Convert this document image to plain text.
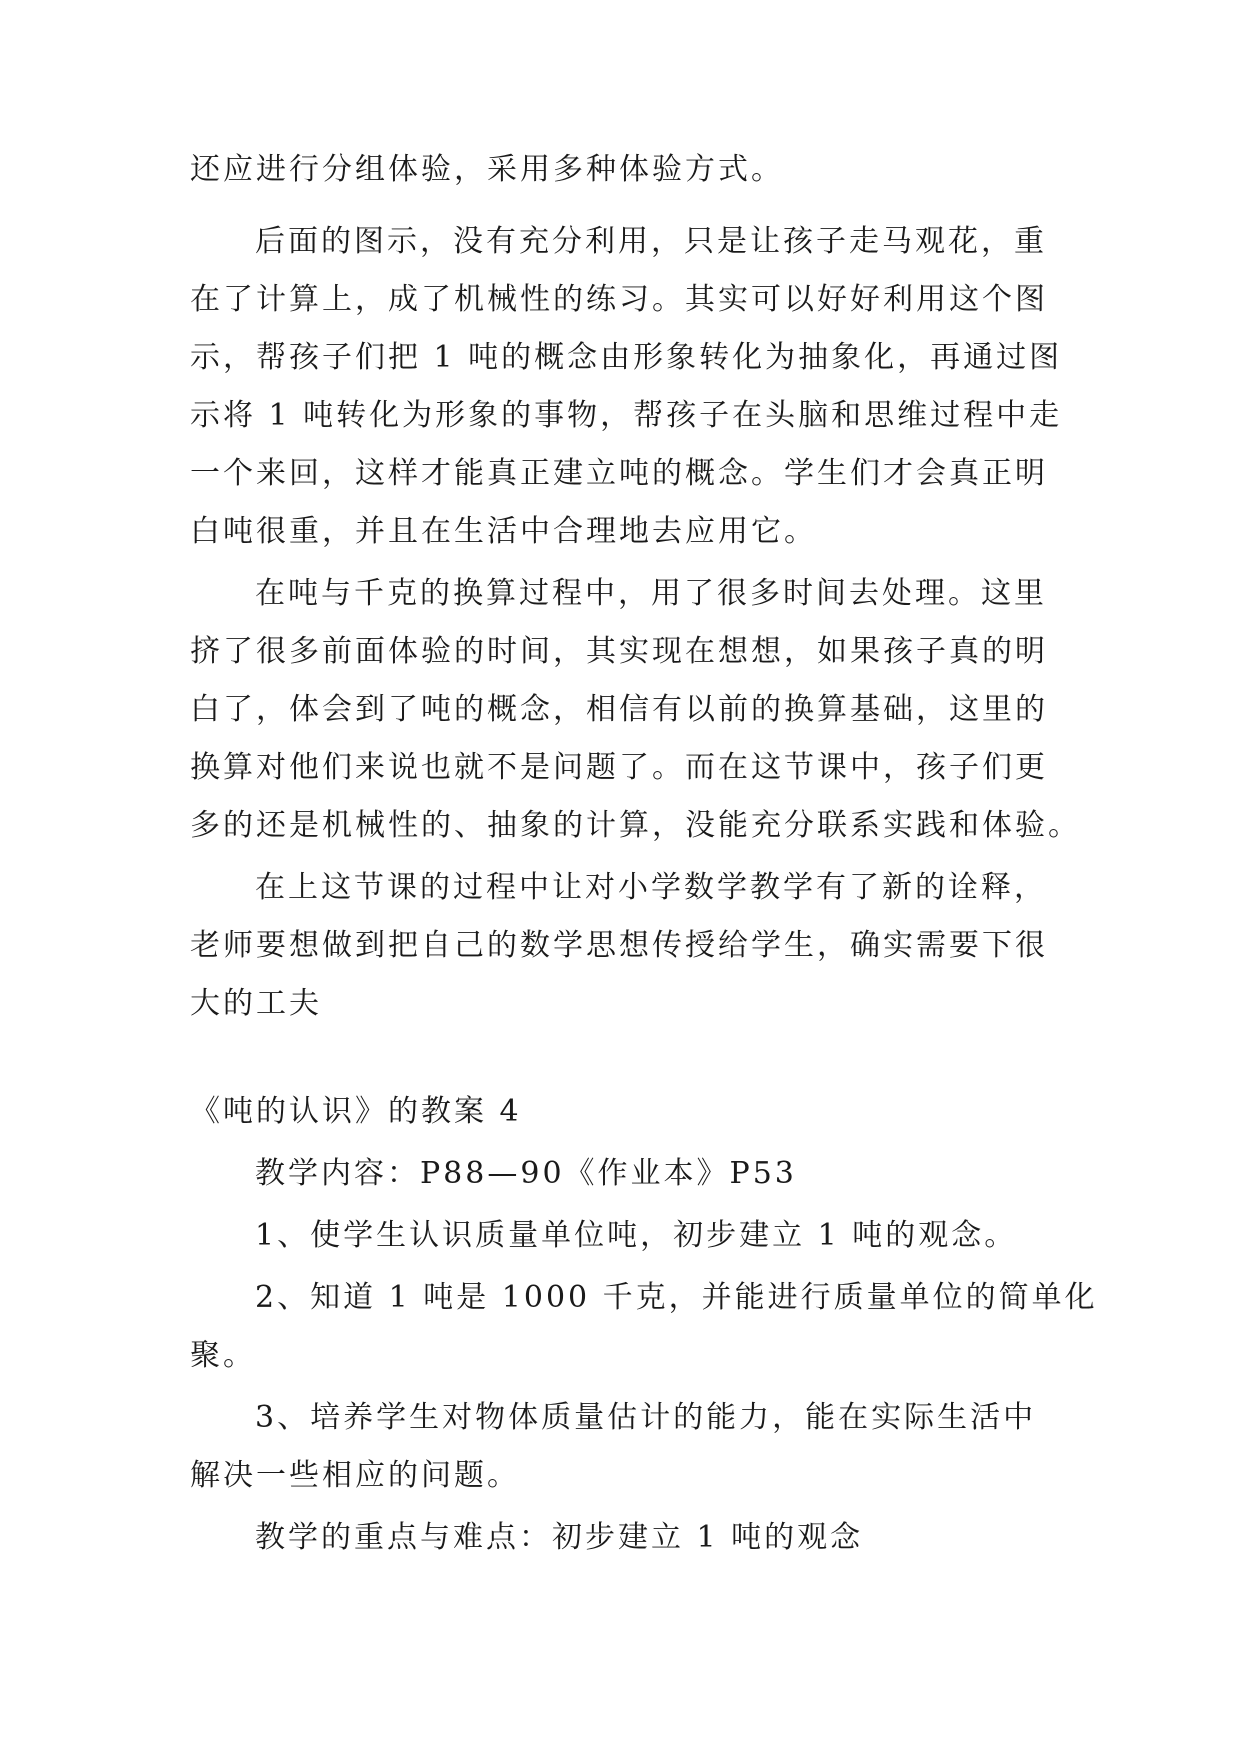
还应进行分组体验，采用多种体验方式。
后面的图示，没有充分利用，只是让孩子走马观花，重
在了计算上，成了机械性的练习。其实可以好好利用这个图
示，帮孩子们把 1 吨的概念由形象转化为抽象化，再通过图
示将 1 吨转化为形象的事物，帮孩子在头脑和思维过程中走
一个来回，这样才能真正建立吨的概念。学生们才会真正明
白吨很重，并且在生活中合理地去应用它。
在吨与千克的换算过程中，用了很多时间去处理。这里
挤了很多前面体验的时间，其实现在想想，如果孩子真的明
白了，体会到了吨的概念，相信有以前的换算基础，这里的
换算对他们来说也就不是问题了。而在这节课中，孩子们更
多的还是机械性的、抽象的计算，没能充分联系实践和体验。
在上这节课的过程中让对小学数学教学有了新的诠释，
老师要想做到把自己的数学思想传授给学生，确实需要下很
大的工夫
《吨的认识》的教案 4
教学内容：P88—90《作业本》P53
1、使学生认识质量单位吨，初步建立 1 吨的观念。
2、知道 1 吨是 1000 千克，并能进行质量单位的简单化
聚。
3、培养学生对物体质量估计的能力，能在实际生活中
解决一些相应的问题。
教学的重点与难点：初步建立 1 吨的观念
